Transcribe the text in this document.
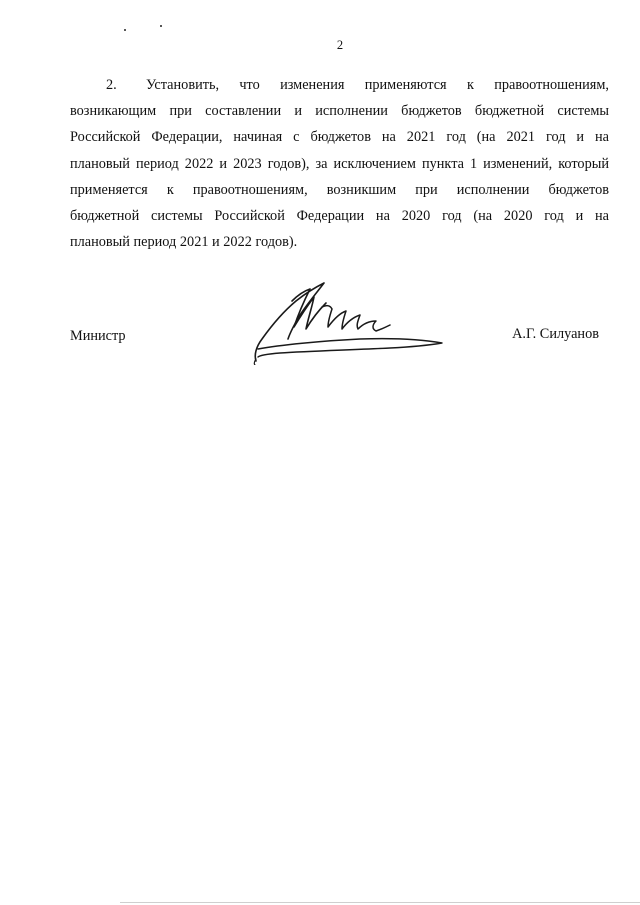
2

2. Установить, что изменения применяются к правоотношениям,
возникающим при составлении и исполнении бюджетов бюджетной системы
Российской Федерации, начиная с бюджетов на 2021 год (на 2021 год и на
плановый период 2022 и 2023 годов), за исключением пункта 1 изменений, который
применяется к правоотношениям, возникшим при исполнении бюджетов
бюджетной системы Российской Федерации на 2020 год (на 2020 год и на
плановый период 2021 и 2022 годов).

Министр	А.Г. Силуанов
